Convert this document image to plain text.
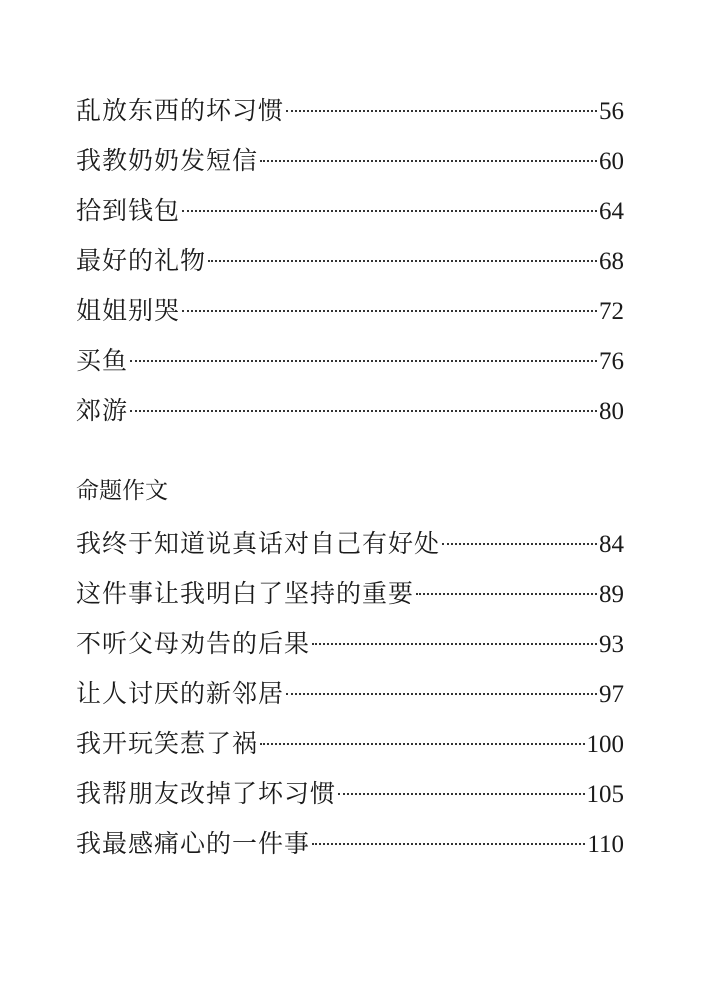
乱放东西的坏习惯	56
我教奶奶发短信	60
拾到钱包	64
最好的礼物	68
姐姐别哭	72
买鱼	76
郊游	80
命题作文
我终于知道说真话对自己有好处	84
这件事让我明白了坚持的重要	89
不听父母劝告的后果	93
让人讨厌的新邻居	97
我开玩笑惹了祸	100
我帮朋友改掉了坏习惯	105
我最感痛心的一件事	110
